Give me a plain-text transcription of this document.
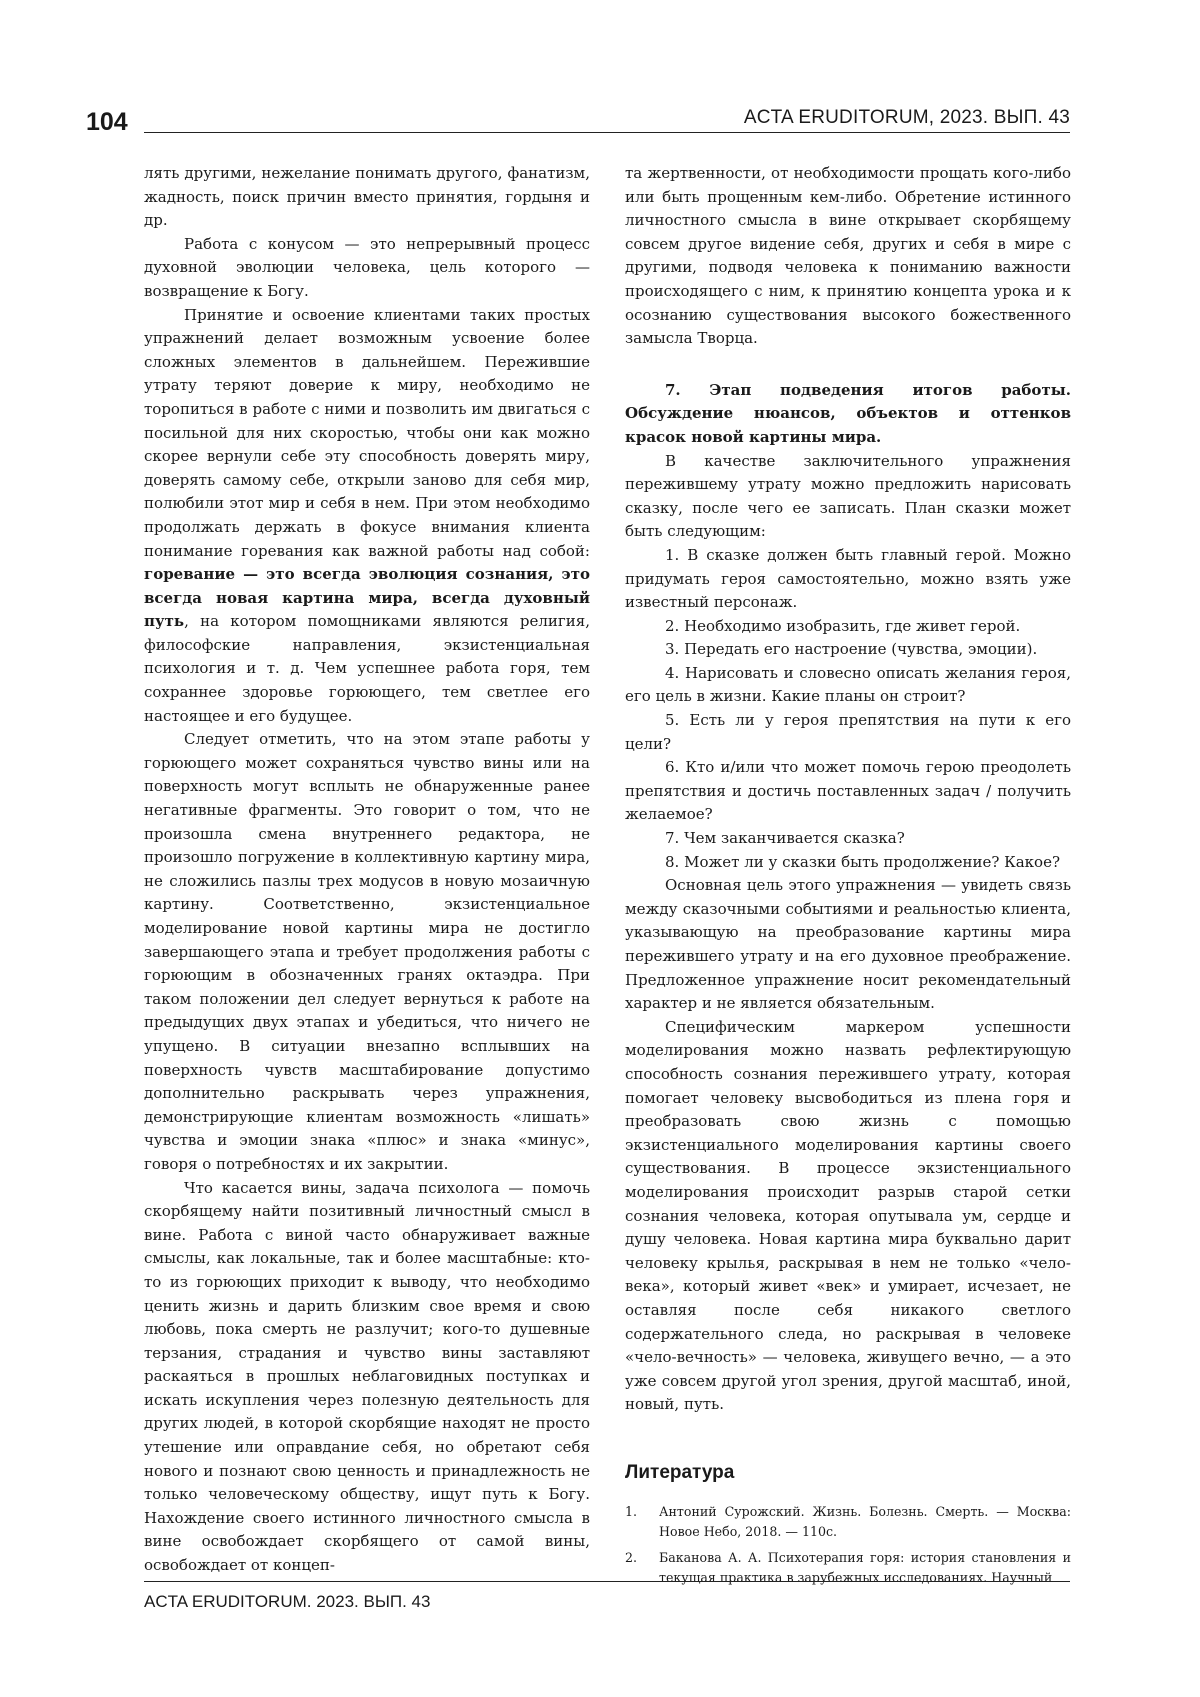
104	ACTA ERUDITORUM, 2023. ВЫП. 43

лять другими, нежелание понимать другого, фанатизм, жадность, поиск причин вместо принятия, гордыня и др.

Работа с конусом — это непрерывный процесс духовной эволюции человека, цель которого — возвращение к Богу.

Принятие и освоение клиентами таких простых упражнений делает возможным усвоение более сложных элементов в дальнейшем. Пережившие утрату теряют доверие к миру, необходимо не торопиться в работе с ними и позволить им двигаться с посильной для них скоростью, чтобы они как можно скорее вернули себе эту способность доверять миру, доверять самому себе, открыли заново для себя мир, полюбили этот мир и себя в нем. При этом необходимо продолжать держать в фокусе внимания клиента понимание горевания как важной работы над собой: горевание — это всегда эволюция сознания, это всегда новая картина мира, всегда духовный путь, на котором помощниками являются религия, философские направления, экзистенциальная психология и т. д. Чем успешнее работа горя, тем сохраннее здоровье горюющего, тем светлее его настоящее и его будущее.

Следует отметить, что на этом этапе работы у горюющего может сохраняться чувство вины или на поверхность могут всплыть не обнаруженные ранее негативные фрагменты. Это говорит о том, что не произошла смена внутреннего редактора, не произошло погружение в коллективную картину мира, не сложились пазлы трех модусов в новую мозаичную картину. Соответственно, экзистенциальное моделирование новой картины мира не достигло завершающего этапа и требует продолжения работы с горюющим в обозначенных гранях октаэдра. При таком положении дел следует вернуться к работе на предыдущих двух этапах и убедиться, что ничего не упущено. В ситуации внезапно всплывших на поверхность чувств масштабирование допустимо дополнительно раскрывать через упражнения, демонстрирующие клиентам возможность «лишать» чувства и эмоции знака «плюс» и знака «минус», говоря о потребностях и их закрытии.

Что касается вины, задача психолога — помочь скорбящему найти позитивный личностный смысл в вине. Работа с виной часто обнаруживает важные смыслы, как локальные, так и более масштабные: кто-то из горюющих приходит к выводу, что необходимо ценить жизнь и дарить близким свое время и свою любовь, пока смерть не разлучит; кого-то душевные терзания, страдания и чувство вины заставляют раскаяться в прошлых неблаговидных поступках и искать искупления через полезную деятельность для других людей, в которой скорбящие находят не просто утешение или оправдание себя, но обретают себя нового и познают свою ценность и принадлежность не только человеческому обществу, ищут путь к Богу. Нахождение своего истинного личностного смысла в вине освобождает скорбящего от самой вины, освобождает от концеп-

та жертвенности, от необходимости прощать кого-либо или быть прощенным кем-либо. Обретение истинного личностного смысла в вине открывает скорбящему совсем другое видение себя, других и себя в мире с другими, подводя человека к пониманию важности происходящего с ним, к принятию концепта урока и к осознанию существования высокого божественного замысла Творца.

7. Этап подведения итогов работы. Обсуждение нюансов, объектов и оттенков красок новой картины мира.

В качестве заключительного упражнения пережившему утрату можно предложить нарисовать сказку, после чего ее записать. План сказки может быть следующим:

1. В сказке должен быть главный герой. Можно придумать героя самостоятельно, можно взять уже известный персонаж.

2. Необходимо изобразить, где живет герой.

3. Передать его настроение (чувства, эмоции).

4. Нарисовать и словесно описать желания героя, его цель в жизни. Какие планы он строит?

5. Есть ли у героя препятствия на пути к его цели?

6. Кто и/или что может помочь герою преодолеть препятствия и достичь поставленных задач / получить желаемое?

7. Чем заканчивается сказка?

8. Может ли у сказки быть продолжение? Какое?

Основная цель этого упражнения — увидеть связь между сказочными событиями и реальностью клиента, указывающую на преобразование картины мира пережившего утрату и на его духовное преображение. Предложенное упражнение носит рекомендательный характер и не является обязательным.

Специфическим маркером успешности моделирования можно назвать рефлектирующую способность сознания пережившего утрату, которая помогает человеку высвободиться из плена горя и преобразовать свою жизнь с помощью экзистенциального моделирования картины своего существования. В процессе экзистенциального моделирования происходит разрыв старой сетки сознания человека, которая опутывала ум, сердце и душу человека. Новая картина мира буквально дарит человеку крылья, раскрывая в нем не только «чело-века», который живет «век» и умирает, исчезает, не оставляя после себя никакого светлого содержательного следа, но раскрывая в человеке «чело-вечность» — человека, живущего вечно, — а это уже совсем другой угол зрения, другой масштаб, иной, новый, путь.

Литература
1.	Антоний Сурожский. Жизнь. Болезнь. Смерть. — Москва: Новое Небо, 2018. — 110с.
2.	Баканова А. А. Психотерапия горя: история становления и текущая практика в зарубежных исследованиях. Научный
ACTA ERUDITORUM. 2023. ВЫП. 43
